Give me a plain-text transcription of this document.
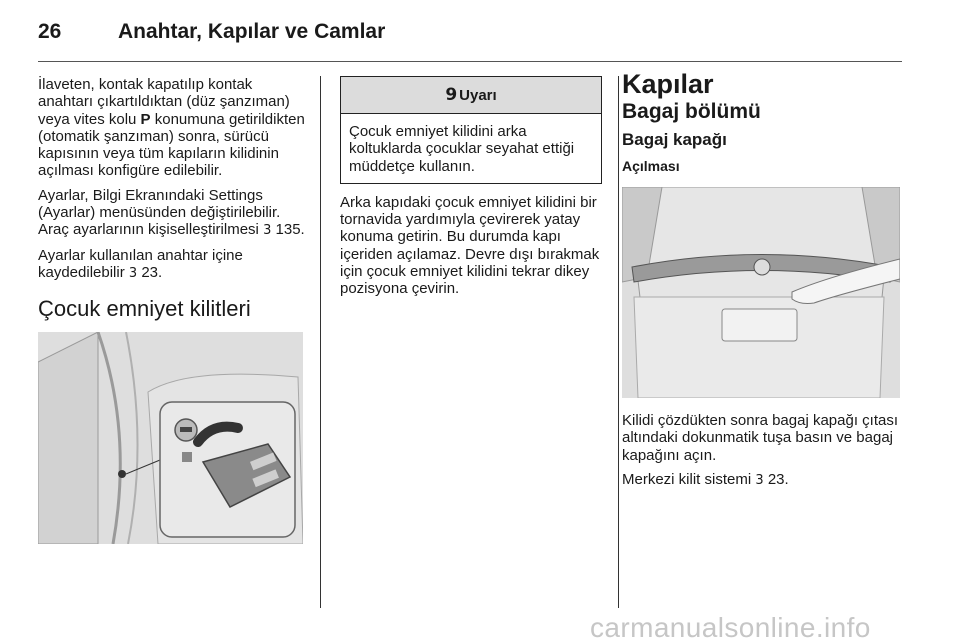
26	Anahtar, Kapılar ve Camlar

İlaveten, kontak kapatılıp kontak anahtarı çıkartıldıktan (düz şanzıman) veya vites kolu P konumuna getirildikten (otomatik şanzıman) sonra, sürücü kapısının veya tüm kapıların kilidinin açılması konfigüre edilebilir.

Ayarlar, Bilgi Ekranındaki Settings (Ayarlar) menüsünden değiştirilebilir. Araç ayarlarının kişiselleştirilmesi 3 135.

Ayarlar kullanılan anahtar içine kaydedilebilir 3 23.

Çocuk emniyet kilitleri
9 Uyarı
Çocuk emniyet kilidini arka koltuklarda çocuklar seyahat ettiği müddetçe kullanın.

Arka kapıdaki çocuk emniyet kilidini bir tornavida yardımıyla çevirerek yatay konuma getirin. Bu durumda kapı içeriden açılamaz. Devre dışı bırakmak için çocuk emniyet kilidini tekrar dikey pozisyona çevirin.

Kapılar
Bagaj bölümü
Bagaj kapağı
Açılması

Kilidi çözdükten sonra bagaj kapağı çıtası altındaki dokunmatik tuşa basın ve bagaj kapağını açın.

Merkezi kilit sistemi 3 23.

carmanualsonline.info
